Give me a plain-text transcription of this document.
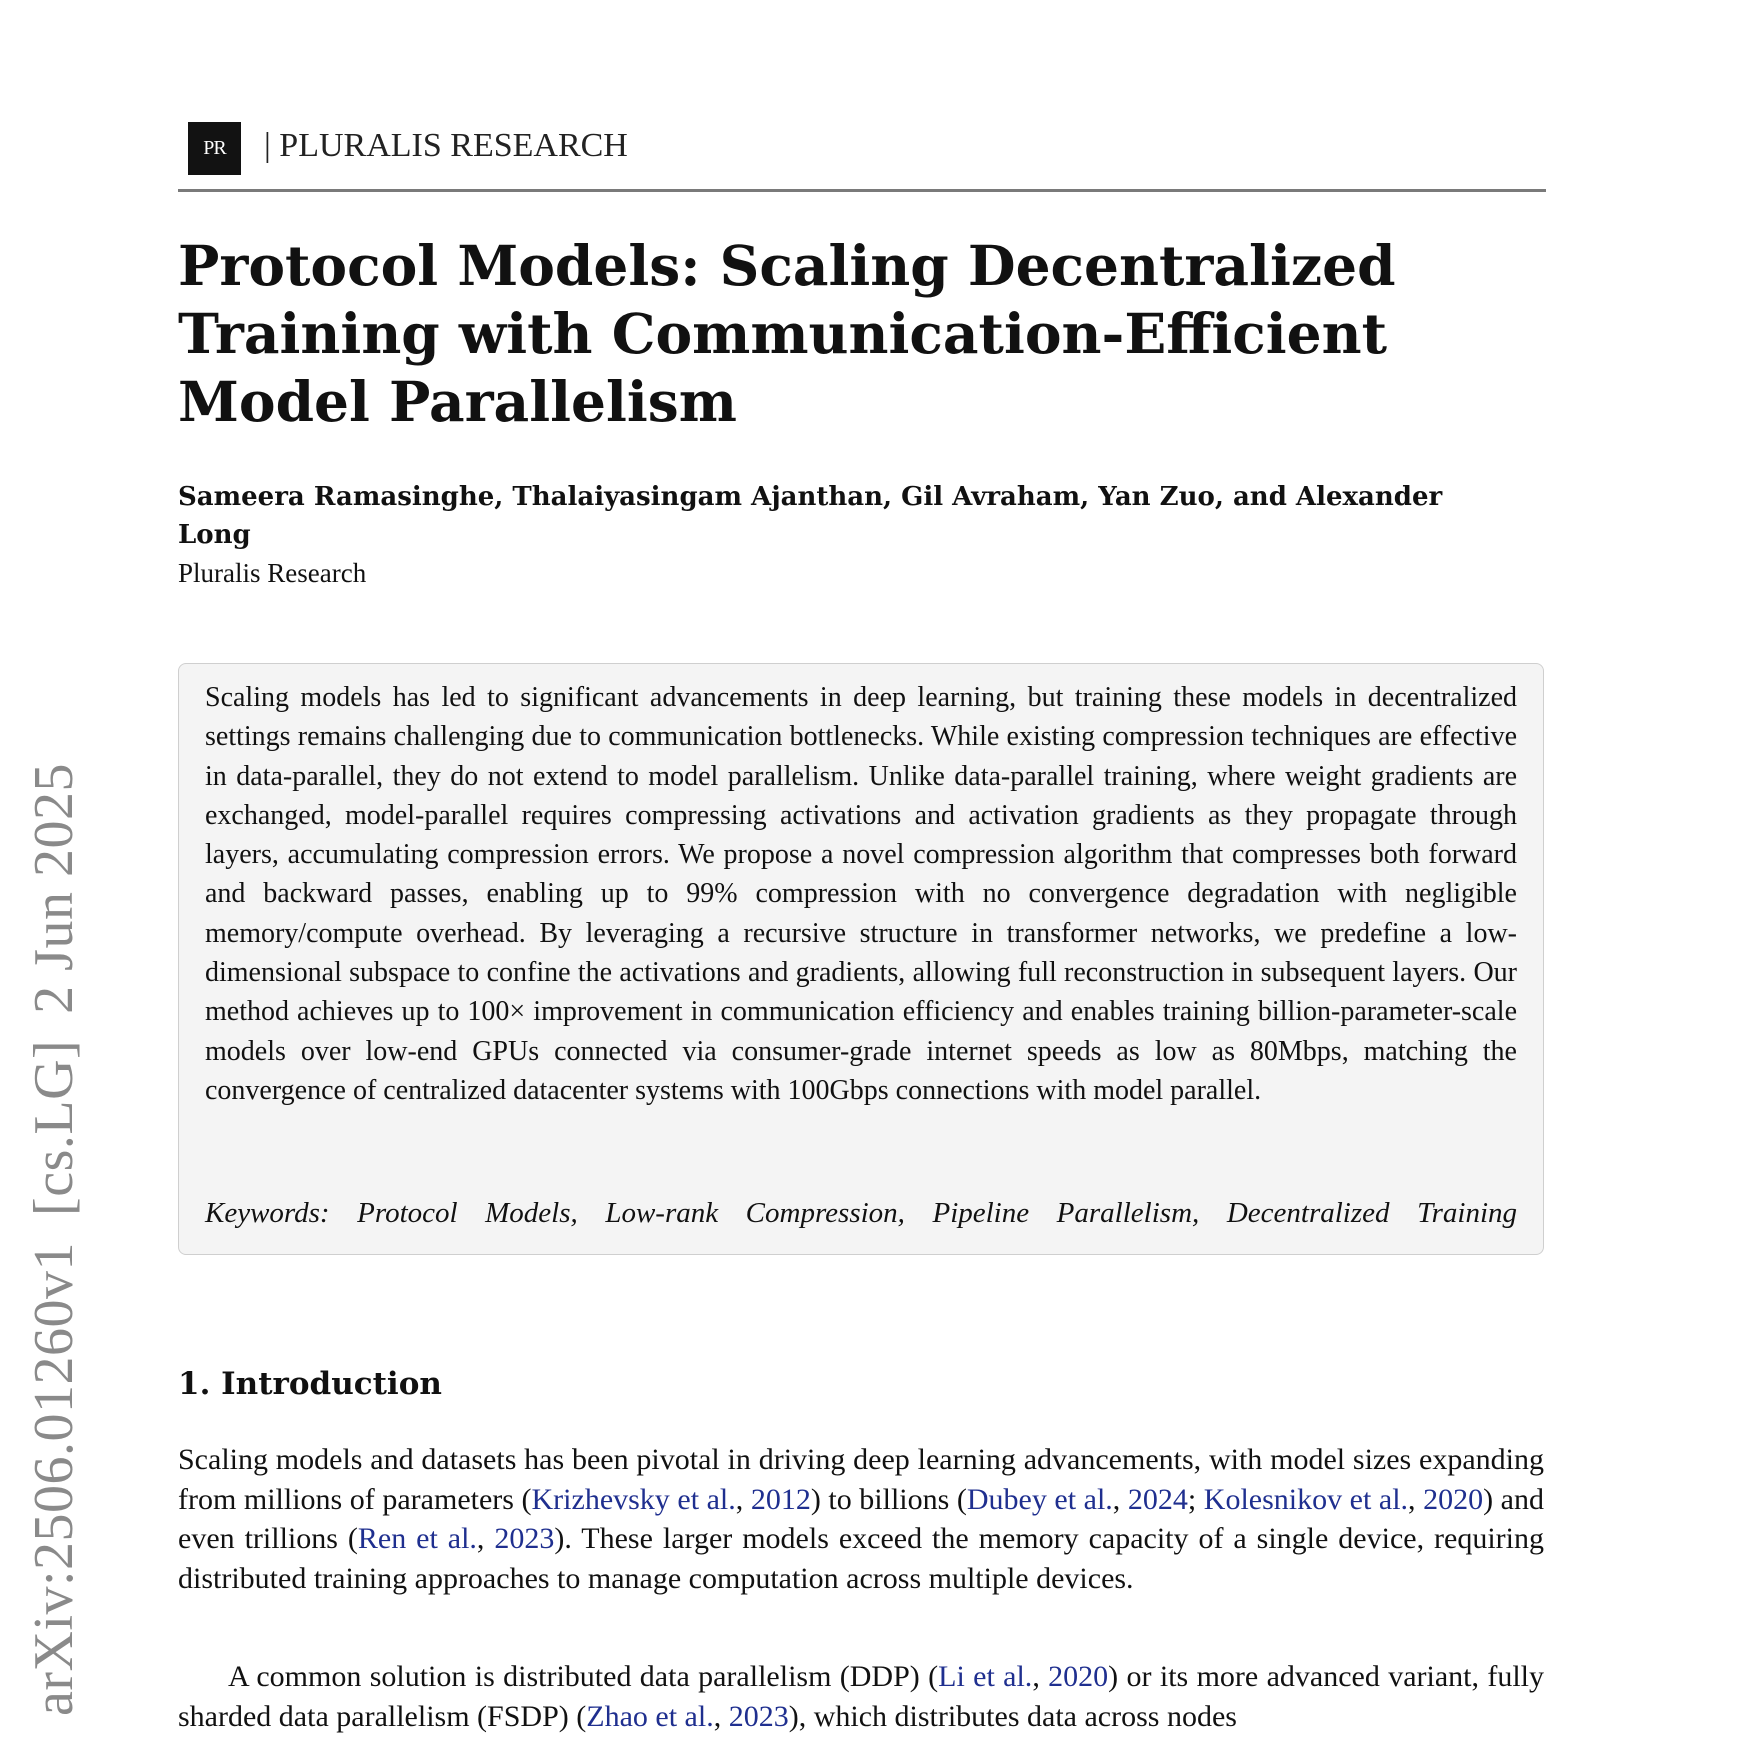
arXiv:2506.01260v1[cs.LG]2 Jun 2025
PR | PLURALIS RESEARCH
Protocol Models: Scaling Decentralized Training with Communication-Efficient Model Parallelism
Sameera Ramasinghe, Thalaiyasingam Ajanthan, Gil Avraham, Yan Zuo, and Alexander Long
Pluralis Research

Scaling models has led to significant advancements in deep learning, but training these models in decentralized settings remains challenging due to communication bottlenecks. While existing compression techniques are effective in data-parallel, they do not extend to model parallelism. Unlike data-parallel training, where weight gradients are exchanged, model-parallel requires compressing activations and activation gradients as they propagate through layers, accumulating compression errors. We propose a novel compression algorithm that compresses both forward and backward passes, enabling up to 99% compression with no convergence degradation with negligible memory/compute overhead. By leveraging a recursive structure in transformer networks, we predefine a low-dimensional subspace to confine the activations and gradients, allowing full reconstruction in subsequent layers. Our method achieves up to 100× improvement in communication efficiency and enables training billion-parameter-scale models over low-end GPUs connected via consumer-grade internet speeds as low as 80Mbps, matching the convergence of centralized datacenter systems with 100Gbps connections with model parallel.

Keywords: Protocol Models, Low-rank Compression, Pipeline Parallelism, Decentralized Training
1. Introduction

Scaling models and datasets has been pivotal in driving deep learning advancements, with model sizes expanding from millions of parameters (Krizhevsky et al., 2012) to billions (Dubey et al., 2024; Kolesnikov et al., 2020) and even trillions (Ren et al., 2023). These larger models exceed the memory capacity of a single device, requiring distributed training approaches to manage computation across multiple devices.

A common solution is distributed data parallelism (DDP) (Li et al., 2020) or its more advanced variant, fully sharded data parallelism (FSDP) (Zhao et al., 2023), which distributes data across nodes
